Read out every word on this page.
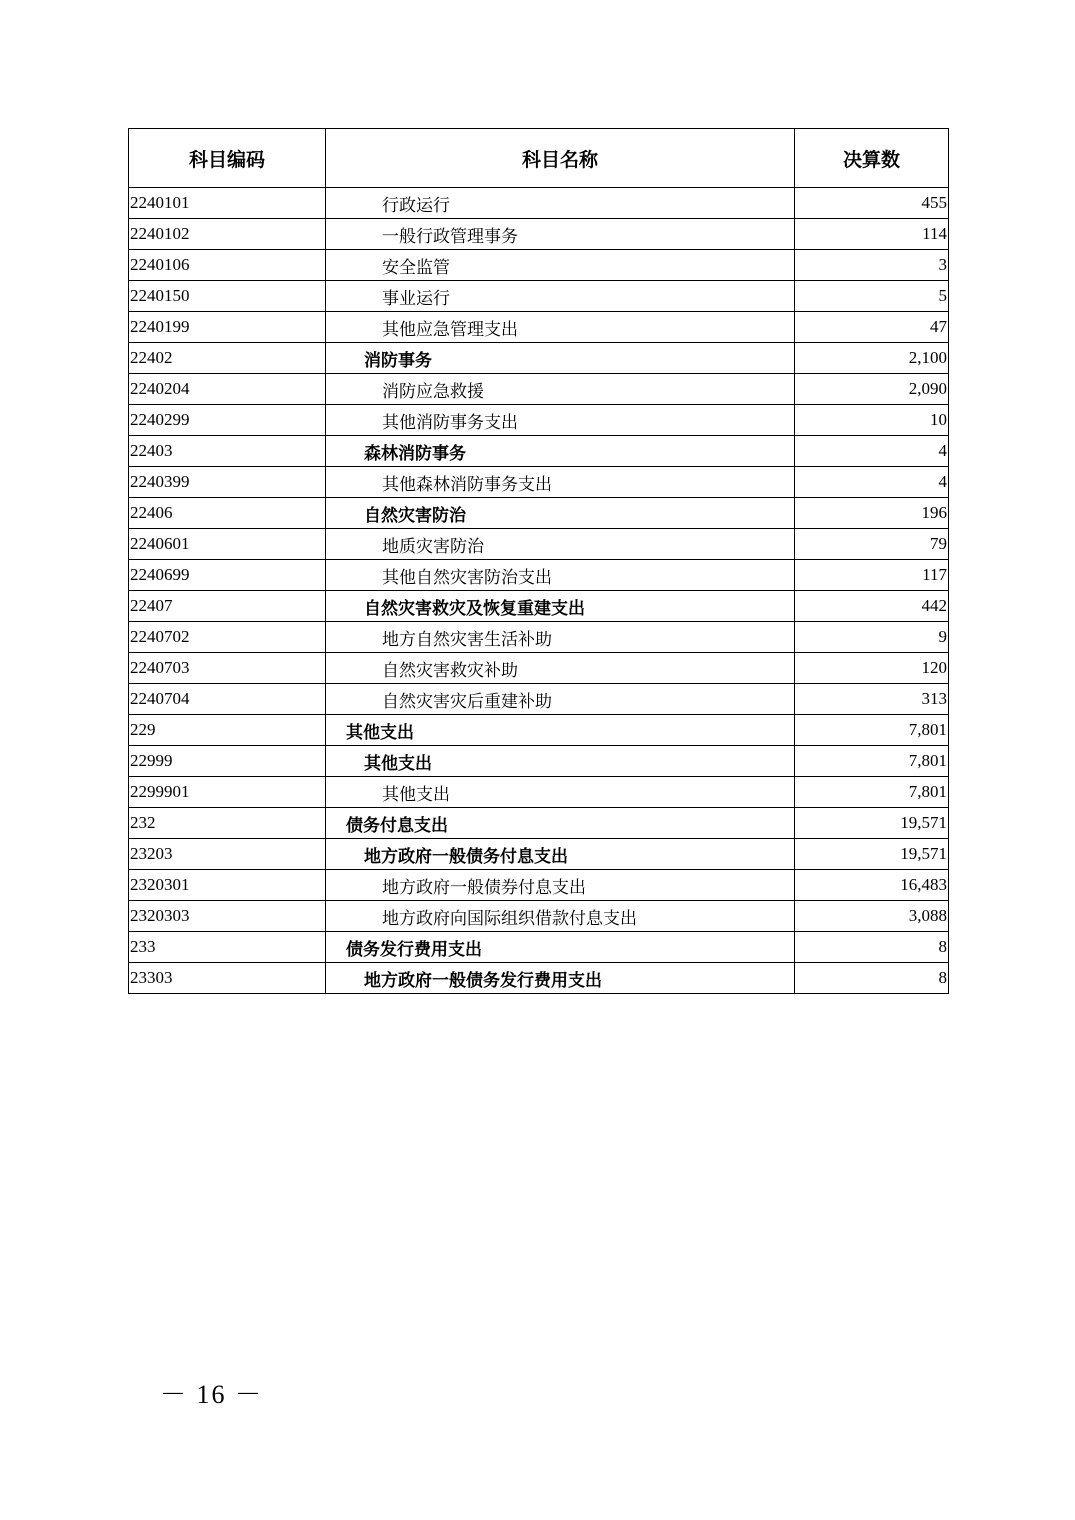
科目编码	科目名称	决算数
2240101	行政运行	455
2240102	一般行政管理事务	114
2240106	安全监管	3
2240150	事业运行	5
2240199	其他应急管理支出	47
22402	消防事务	2,100
2240204	消防应急救援	2,090
2240299	其他消防事务支出	10
22403	森林消防事务	4
2240399	其他森林消防事务支出	4
22406	自然灾害防治	196
2240601	地质灾害防治	79
2240699	其他自然灾害防治支出	117
22407	自然灾害救灾及恢复重建支出	442
2240702	地方自然灾害生活补助	9
2240703	自然灾害救灾补助	120
2240704	自然灾害灾后重建补助	313
229	其他支出	7,801
22999	其他支出	7,801
2299901	其他支出	7,801
232	债务付息支出	19,571
23203	地方政府一般债务付息支出	19,571
2320301	地方政府一般债券付息支出	16,483
2320303	地方政府向国际组织借款付息支出	3,088
233	债务发行费用支出	8
23303	地方政府一般债务发行费用支出	8
－ 16 －
